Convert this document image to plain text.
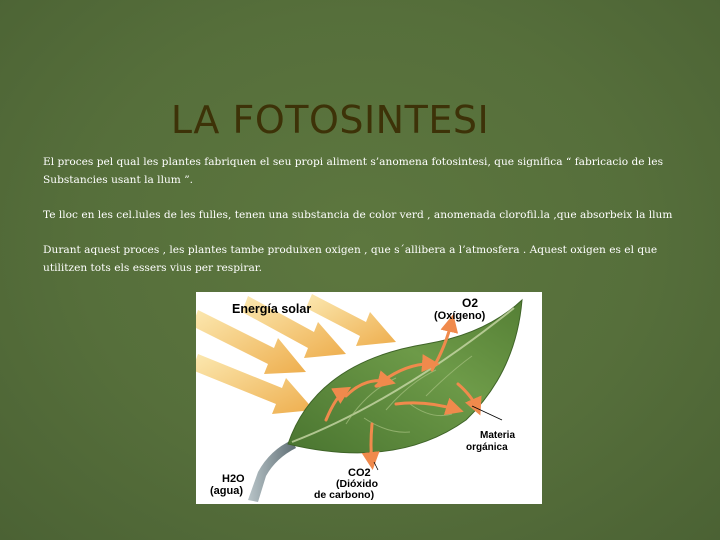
LA FOTOSINTESI

El proces pel qual les plantes fabriquen el seu propi aliment s’anomena fotosintesi, que significa “ fabricacio de les Substancies usant la llum ”.

Te lloc en les cel.lules de les fulles, tenen una substancia de color verd , anomenada clorofil.la ,que absorbeix la llum

Durant aquest proces , les plantes tambe produixen oxigen , que s´allibera a l’atmosfera . Aquest oxigen es el que utilitzen tots els essers vius per respirar.

Energía solar	O2
(Oxígeno)
Materia
orgánica
CO2
(Dióxido
de carbono)
H2O
(agua)
